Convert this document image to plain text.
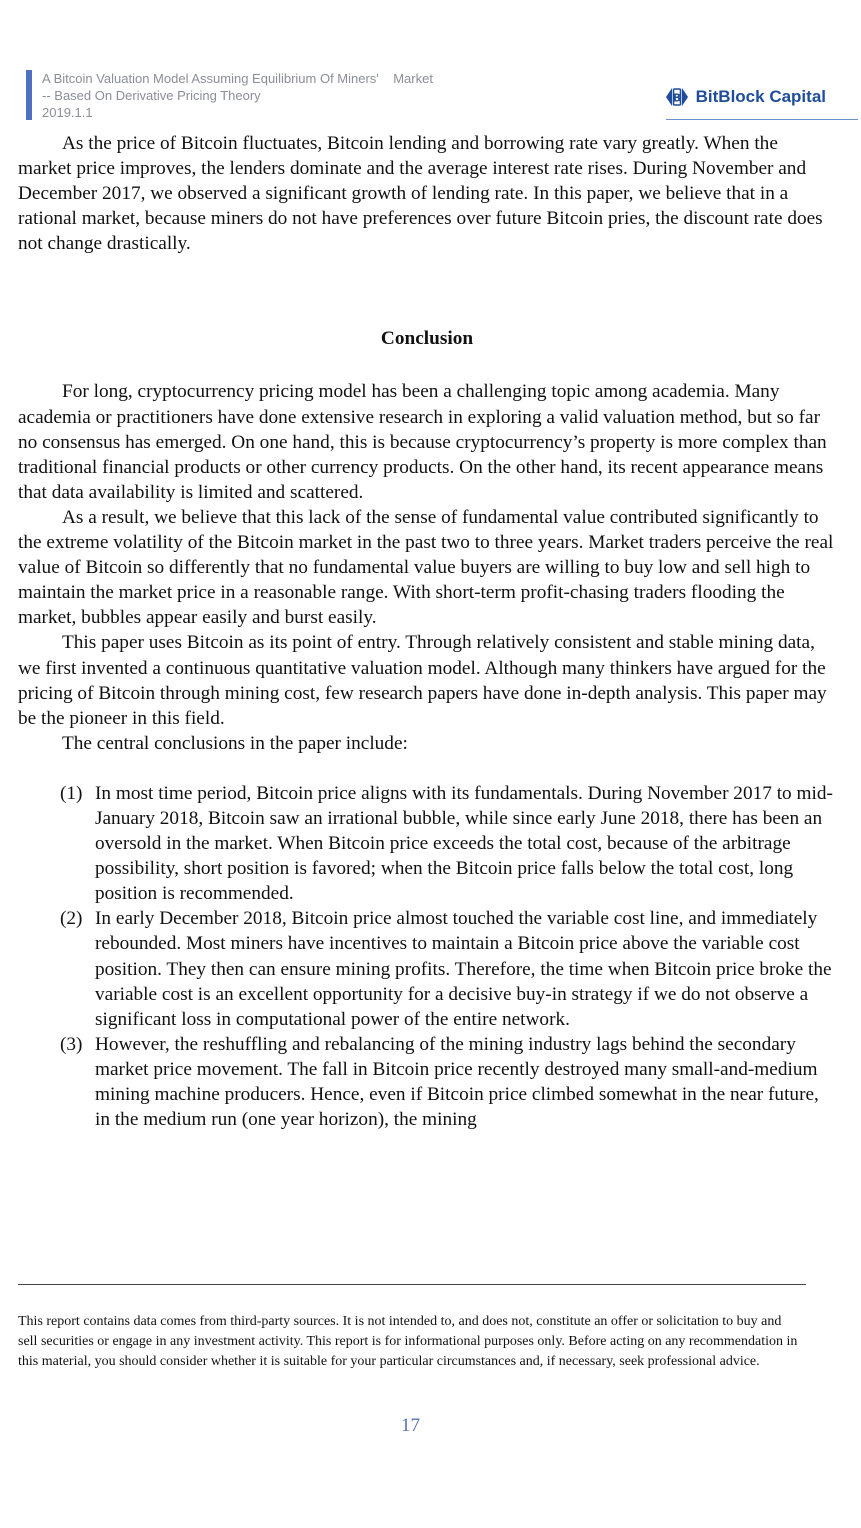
A Bitcoin Valuation Model Assuming Equilibrium Of Miners'    Market
-- Based On Derivative Pricing Theory
2019.1.1
B BitBlock Capital

As the price of Bitcoin fluctuates, Bitcoin lending and borrowing rate vary greatly. When the market price improves, the lenders dominate and the average interest rate rises. During November and December 2017, we observed a significant growth of lending rate. In this paper, we believe that in a rational market, because miners do not have preferences over future Bitcoin pries, the discount rate does not change drastically.

Conclusion

For long, cryptocurrency pricing model has been a challenging topic among academia. Many academia or practitioners have done extensive research in exploring a valid valuation method, but so far no consensus has emerged. On one hand, this is because cryptocurrency’s property is more complex than traditional financial products or other currency products. On the other hand, its recent appearance means that data availability is limited and scattered.

As a result, we believe that this lack of the sense of fundamental value contributed significantly to the extreme volatility of the Bitcoin market in the past two to three years. Market traders perceive the real value of Bitcoin so differently that no fundamental value buyers are willing to buy low and sell high to maintain the market price in a reasonable range. With short-term profit-chasing traders flooding the market, bubbles appear easily and burst easily.

This paper uses Bitcoin as its point of entry. Through relatively consistent and stable mining data, we first invented a continuous quantitative valuation model. Although many thinkers have argued for the pricing of Bitcoin through mining cost, few research papers have done in-depth analysis. This paper may be the pioneer in this field.

The central conclusions in the paper include:

(1) In most time period, Bitcoin price aligns with its fundamentals. During November 2017 to mid-January 2018, Bitcoin saw an irrational bubble, while since early June 2018, there has been an oversold in the market. When Bitcoin price exceeds the total cost, because of the arbitrage possibility, short position is favored; when the Bitcoin price falls below the total cost, long position is recommended.
(2) In early December 2018, Bitcoin price almost touched the variable cost line, and immediately rebounded. Most miners have incentives to maintain a Bitcoin price above the variable cost position. They then can ensure mining profits. Therefore, the time when Bitcoin price broke the variable cost is an excellent opportunity for a decisive buy-in strategy if we do not observe a significant loss in computational power of the entire network.
(3) However, the reshuffling and rebalancing of the mining industry lags behind the secondary market price movement. The fall in Bitcoin price recently destroyed many small-and-medium mining machine producers. Hence, even if Bitcoin price climbed somewhat in the near future, in the medium run (one year horizon), the mining
This report contains data comes from third-party sources. It is not intended to, and does not, constitute an offer or solicitation to buy and sell securities or engage in any investment activity. This report is for informational purposes only. Before acting on any recommendation in this material, you should consider whether it is suitable for your particular circumstances and, if necessary, seek professional advice.
17
